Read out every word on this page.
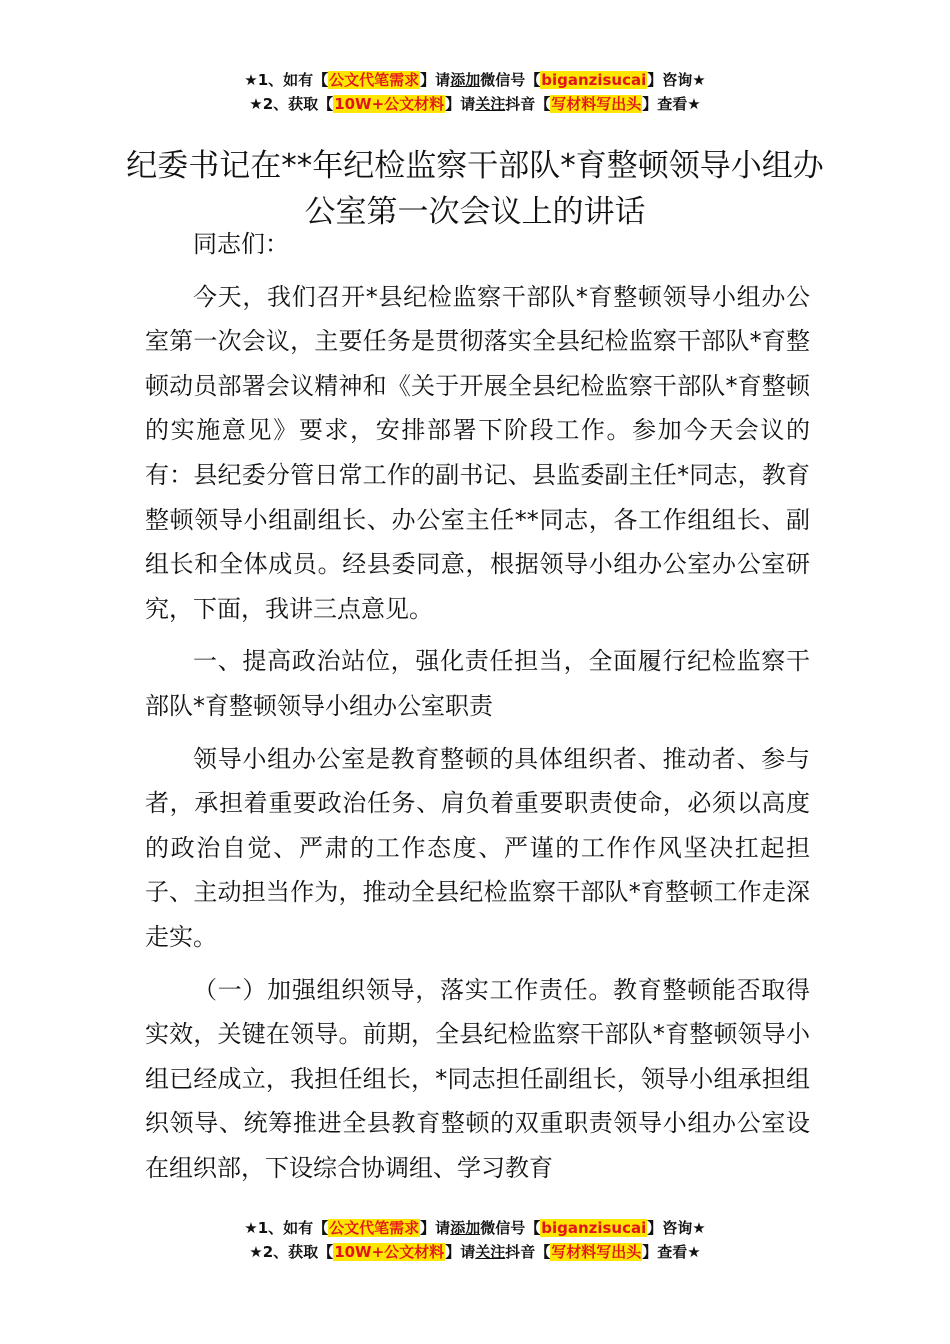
★1、如有【公文代笔需求】请添加微信号【biganzisucai】咨询★
★2、获取【10W+公文材料】请关注抖音【写材料写出头】查看★
纪委书记在**年纪检监察干部队*育整顿领导小组办公室第一次会议上的讲话

同志们：

今天，我们召开*县纪检监察干部队*育整顿领导小组办公室第一次会议，主要任务是贯彻落实全县纪检监察干部队*育整顿动员部署会议精神和《关于开展全县纪检监察干部队*育整顿的实施意见》要求，安排部署下阶段工作。参加今天会议的有：县纪委分管日常工作的副书记、县监委副主任*同志，教育整顿领导小组副组长、办公室主任**同志，各工作组组长、副组长和全体成员。经县委同意，根据领导小组办公室办公室研究，下面，我讲三点意见。

一、提高政治站位，强化责任担当，全面履行纪检监察干部队*育整顿领导小组办公室职责

领导小组办公室是教育整顿的具体组织者、推动者、参与者，承担着重要政治任务、肩负着重要职责使命，必须以高度的政治自觉、严肃的工作态度、严谨的工作作风坚决扛起担子、主动担当作为，推动全县纪检监察干部队*育整顿工作走深走实。

（一）加强组织领导，落实工作责任。教育整顿能否取得实效，关键在领导。前期，全县纪检监察干部队*育整顿领导小组已经成立，我担任组长，*同志担任副组长，领导小组承担组织领导、统筹推进全县教育整顿的双重职责领导小组办公室设在组织部，下设综合协调组、学习教育

★1、如有【公文代笔需求】请添加微信号【biganzisucai】咨询★
★2、获取【10W+公文材料】请关注抖音【写材料写出头】查看★
